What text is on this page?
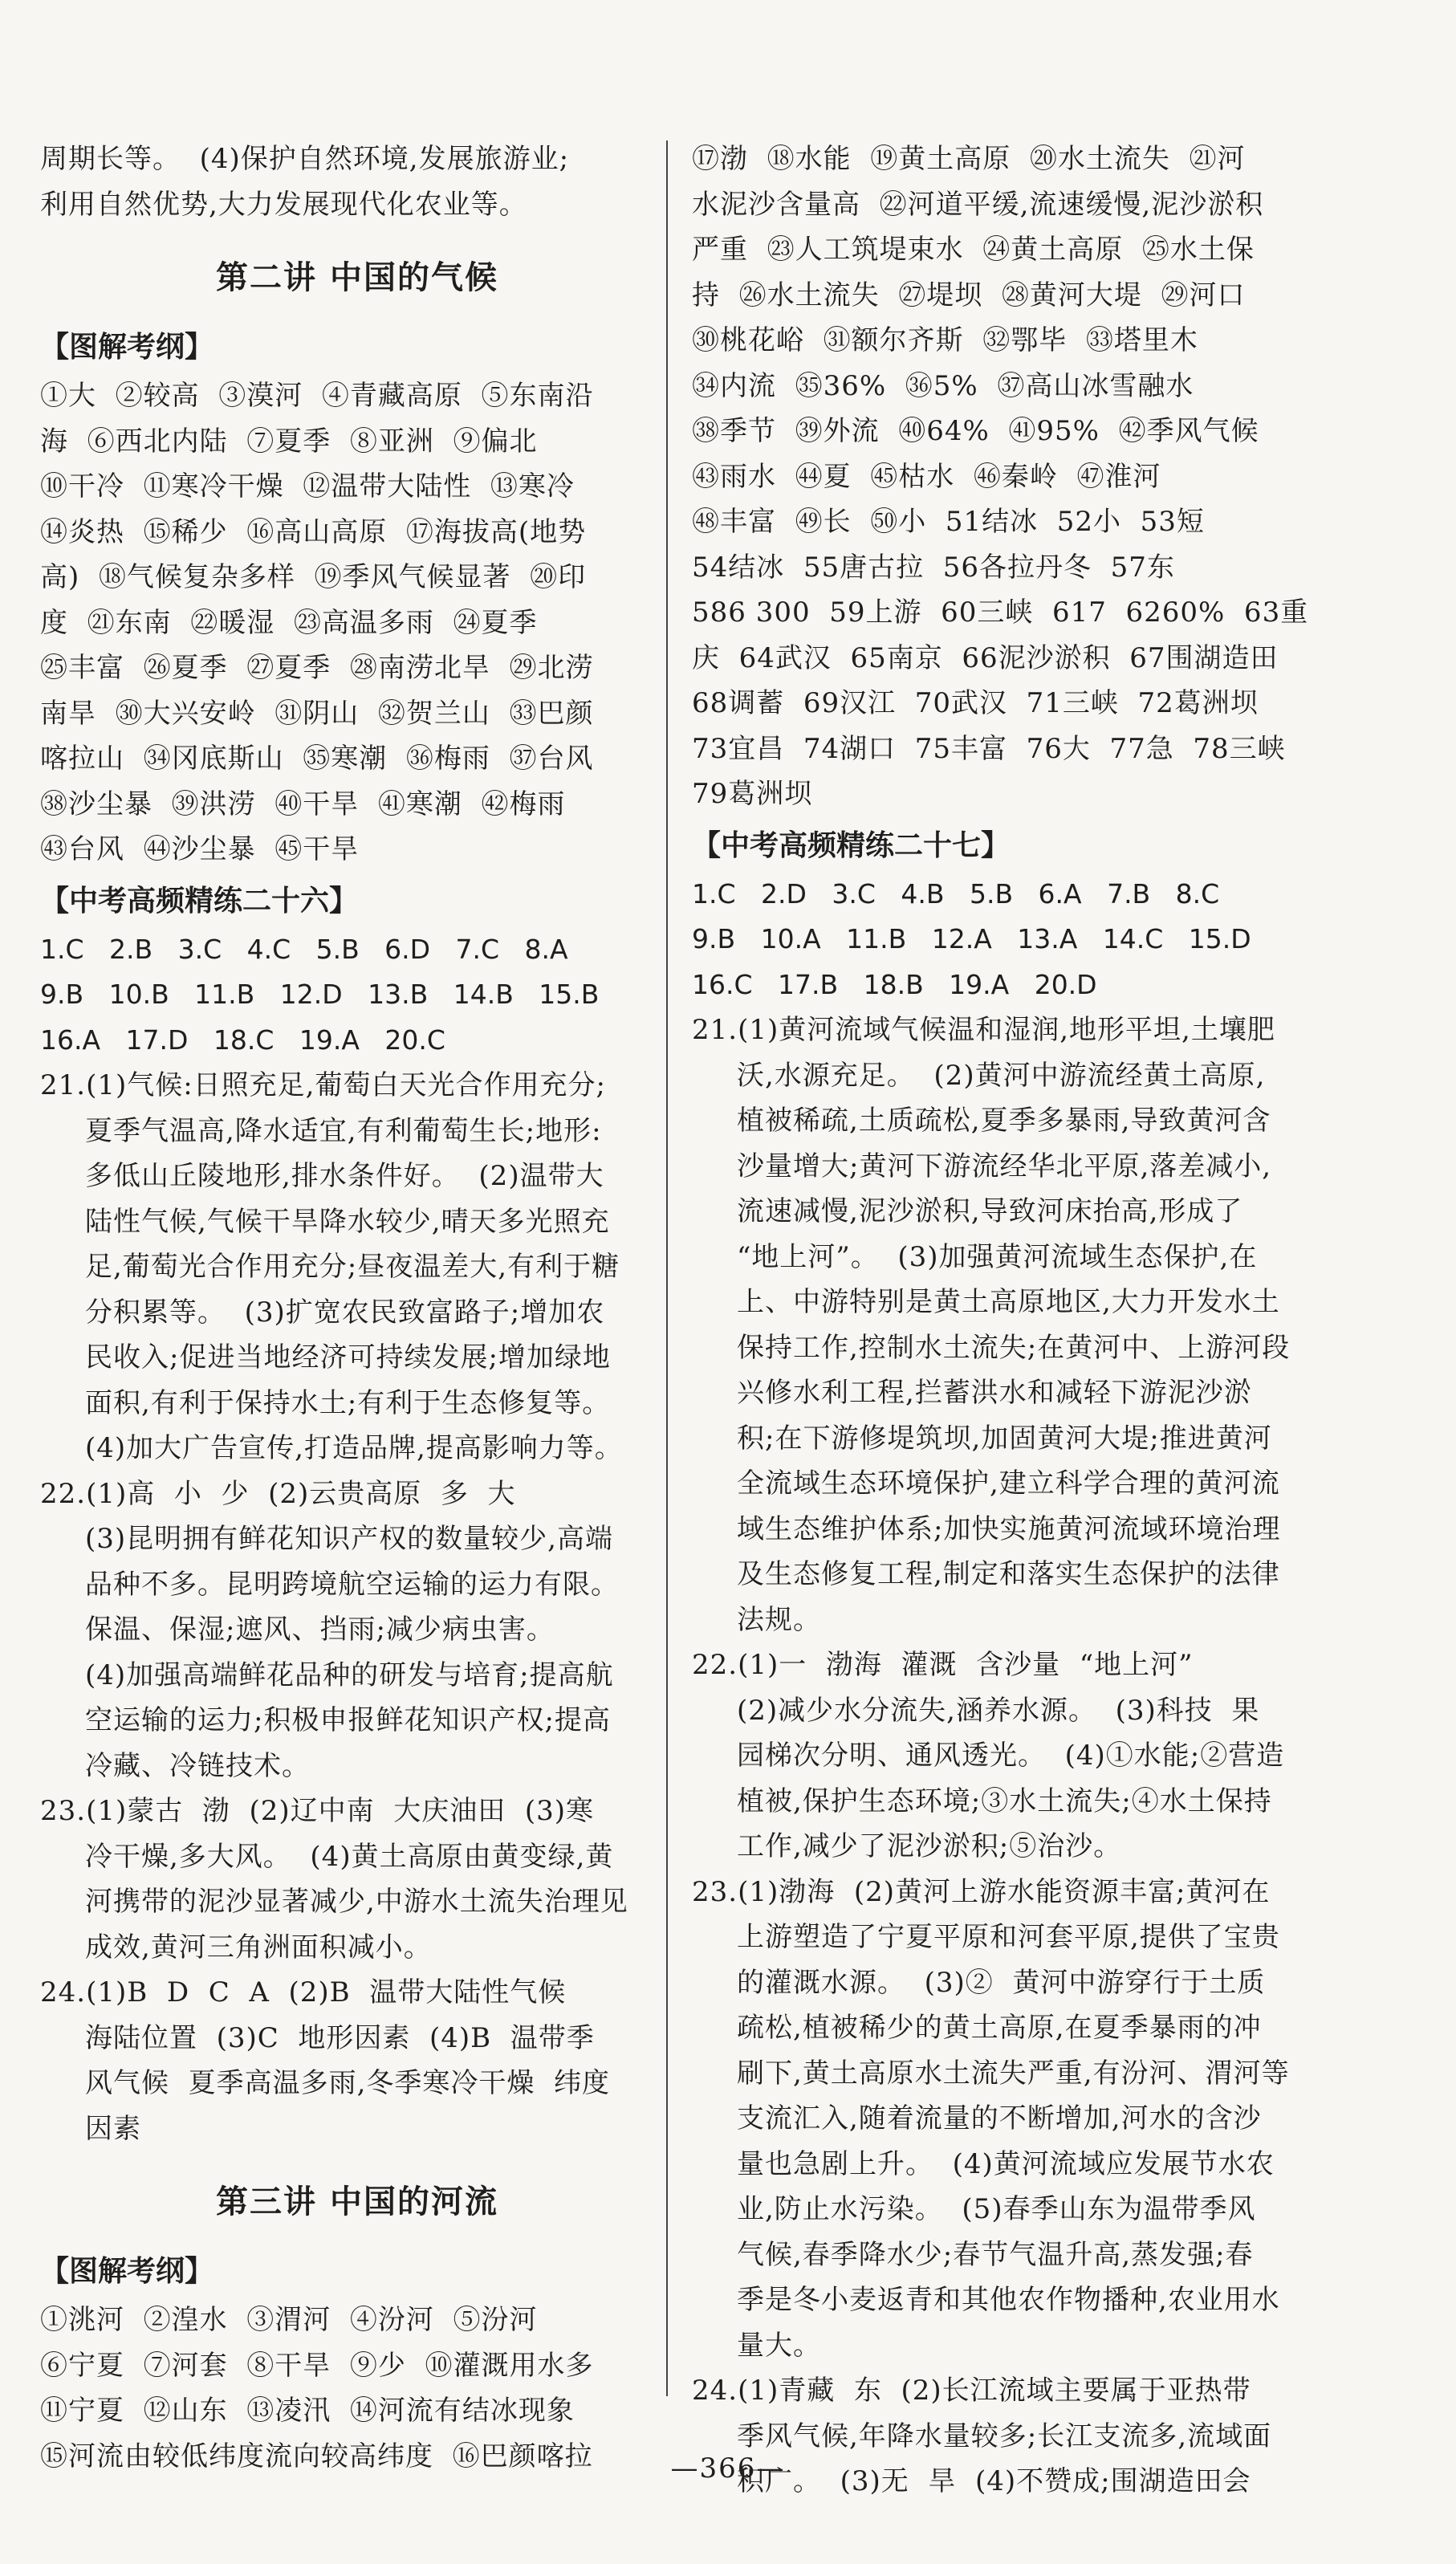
周期长等。  (4)保护自然环境,发展旅游业;

利用自然优势,大力发展现代化农业等。

第二讲 中国的气候
【图解考纲】

①大  ②较高  ③漠河  ④青藏高原  ⑤东南沿

海  ⑥西北内陆  ⑦夏季  ⑧亚洲  ⑨偏北

⑩干冷  ⑪寒冷干燥  ⑫温带大陆性  ⑬寒冷

⑭炎热  ⑮稀少  ⑯高山高原  ⑰海拔高(地势

高)  ⑱气候复杂多样  ⑲季风气候显著  ⑳印

度  ㉑东南  ㉒暖湿  ㉓高温多雨  ㉔夏季

㉕丰富  ㉖夏季  ㉗夏季  ㉘南涝北旱  ㉙北涝

南旱  ㉚大兴安岭  ㉛阴山  ㉜贺兰山  ㉝巴颜

喀拉山  ㉞冈底斯山  ㉟寒潮  ㊱梅雨  ㊲台风

㊳沙尘暴  ㊴洪涝  ㊵干旱  ㊶寒潮  ㊷梅雨

㊸台风  ㊹沙尘暴  ㊺干旱

【中考高频精练二十六】

1.C   2.B   3.C   4.C   5.B   6.D   7.C   8.A

9.B   10.B   11.B   12.D   13.B   14.B   15.B

16.A   17.D   18.C   19.A   20.C

21.(1)气候:日照充足,葡萄白天光合作用充分;

夏季气温高,降水适宜,有利葡萄生长;地形:

多低山丘陵地形,排水条件好。  (2)温带大

陆性气候,气候干旱降水较少,晴天多光照充

足,葡萄光合作用充分;昼夜温差大,有利于糖

分积累等。  (3)扩宽农民致富路子;增加农

民收入;促进当地经济可持续发展;增加绿地

面积,有利于保持水土;有利于生态修复等。

(4)加大广告宣传,打造品牌,提高影响力等。

22.(1)高  小  少  (2)云贵高原  多  大

(3)昆明拥有鲜花知识产权的数量较少,高端

品种不多。昆明跨境航空运输的运力有限。

保温、保湿;遮风、挡雨;减少病虫害。

(4)加强高端鲜花品种的研发与培育;提高航

空运输的运力;积极申报鲜花知识产权;提高

冷藏、冷链技术。

23.(1)蒙古  渤  (2)辽中南  大庆油田  (3)寒

冷干燥,多大风。  (4)黄土高原由黄变绿,黄

河携带的泥沙显著减少,中游水土流失治理见

成效,黄河三角洲面积减小。

24.(1)B  D  C  A  (2)B  温带大陆性气候

海陆位置  (3)C  地形因素  (4)B  温带季

风气候  夏季高温多雨,冬季寒冷干燥  纬度

因素

第三讲 中国的河流
【图解考纲】

①洮河  ②湟水  ③渭河  ④汾河  ⑤汾河

⑥宁夏  ⑦河套  ⑧干旱  ⑨少  ⑩灌溉用水多

⑪宁夏  ⑫山东  ⑬凌汛  ⑭河流有结冰现象

⑮河流由较低纬度流向较高纬度  ⑯巴颜喀拉

⑰渤  ⑱水能  ⑲黄土高原  ⑳水土流失  ㉑河

水泥沙含量高  ㉒河道平缓,流速缓慢,泥沙淤积

严重  ㉓人工筑堤束水  ㉔黄土高原  ㉕水土保

持  ㉖水土流失  ㉗堤坝  ㉘黄河大堤  ㉙河口

㉚桃花峪  ㉛额尔齐斯  ㉜鄂毕  ㉝塔里木

㉞内流  ㉟36%  ㊱5%  ㊲高山冰雪融水

㊳季节  ㊴外流  ㊵64%  ㊶95%  ㊷季风气候

㊸雨水  ㊹夏  ㊺枯水  ㊻秦岭  ㊼淮河

㊽丰富  ㊾长  ㊿小  51结冰  52小  53短

54结冰  55唐古拉  56各拉丹冬  57东

586 300  59上游  60三峡  617  6260%  63重

庆  64武汉  65南京  66泥沙淤积  67围湖造田

68调蓄  69汉江  70武汉  71三峡  72葛洲坝

73宜昌  74湖口  75丰富  76大  77急  78三峡

79葛洲坝

【中考高频精练二十七】

1.C   2.D   3.C   4.B   5.B   6.A   7.B   8.C

9.B   10.A   11.B   12.A   13.A   14.C   15.D

16.C   17.B   18.B   19.A   20.D

21.(1)黄河流域气候温和湿润,地形平坦,土壤肥

沃,水源充足。  (2)黄河中游流经黄土高原,

植被稀疏,土质疏松,夏季多暴雨,导致黄河含

沙量增大;黄河下游流经华北平原,落差减小,

流速减慢,泥沙淤积,导致河床抬高,形成了

“地上河”。  (3)加强黄河流域生态保护,在

上、中游特别是黄土高原地区,大力开发水土

保持工作,控制水土流失;在黄河中、上游河段

兴修水利工程,拦蓄洪水和减轻下游泥沙淤

积;在下游修堤筑坝,加固黄河大堤;推进黄河

全流域生态环境保护,建立科学合理的黄河流

域生态维护体系;加快实施黄河流域环境治理

及生态修复工程,制定和落实生态保护的法律

法规。

22.(1)一  渤海  灌溉  含沙量  “地上河”

(2)减少水分流失,涵养水源。  (3)科技  果

园梯次分明、通风透光。  (4)①水能;②营造

植被,保护生态环境;③水土流失;④水土保持

工作,减少了泥沙淤积;⑤治沙。

23.(1)渤海  (2)黄河上游水能资源丰富;黄河在

上游塑造了宁夏平原和河套平原,提供了宝贵

的灌溉水源。  (3)②  黄河中游穿行于土质

疏松,植被稀少的黄土高原,在夏季暴雨的冲

刷下,黄土高原水土流失严重,有汾河、渭河等

支流汇入,随着流量的不断增加,河水的含沙

量也急剧上升。  (4)黄河流域应发展节水农

业,防止水污染。  (5)春季山东为温带季风

气候,春季降水少;春节气温升高,蒸发强;春

季是冬小麦返青和其他农作物播种,农业用水

量大。

24.(1)青藏  东  (2)长江流域主要属于亚热带

季风气候,年降水量较多;长江支流多,流域面

积广。  (3)无  旱  (4)不赞成;围湖造田会

—366—
